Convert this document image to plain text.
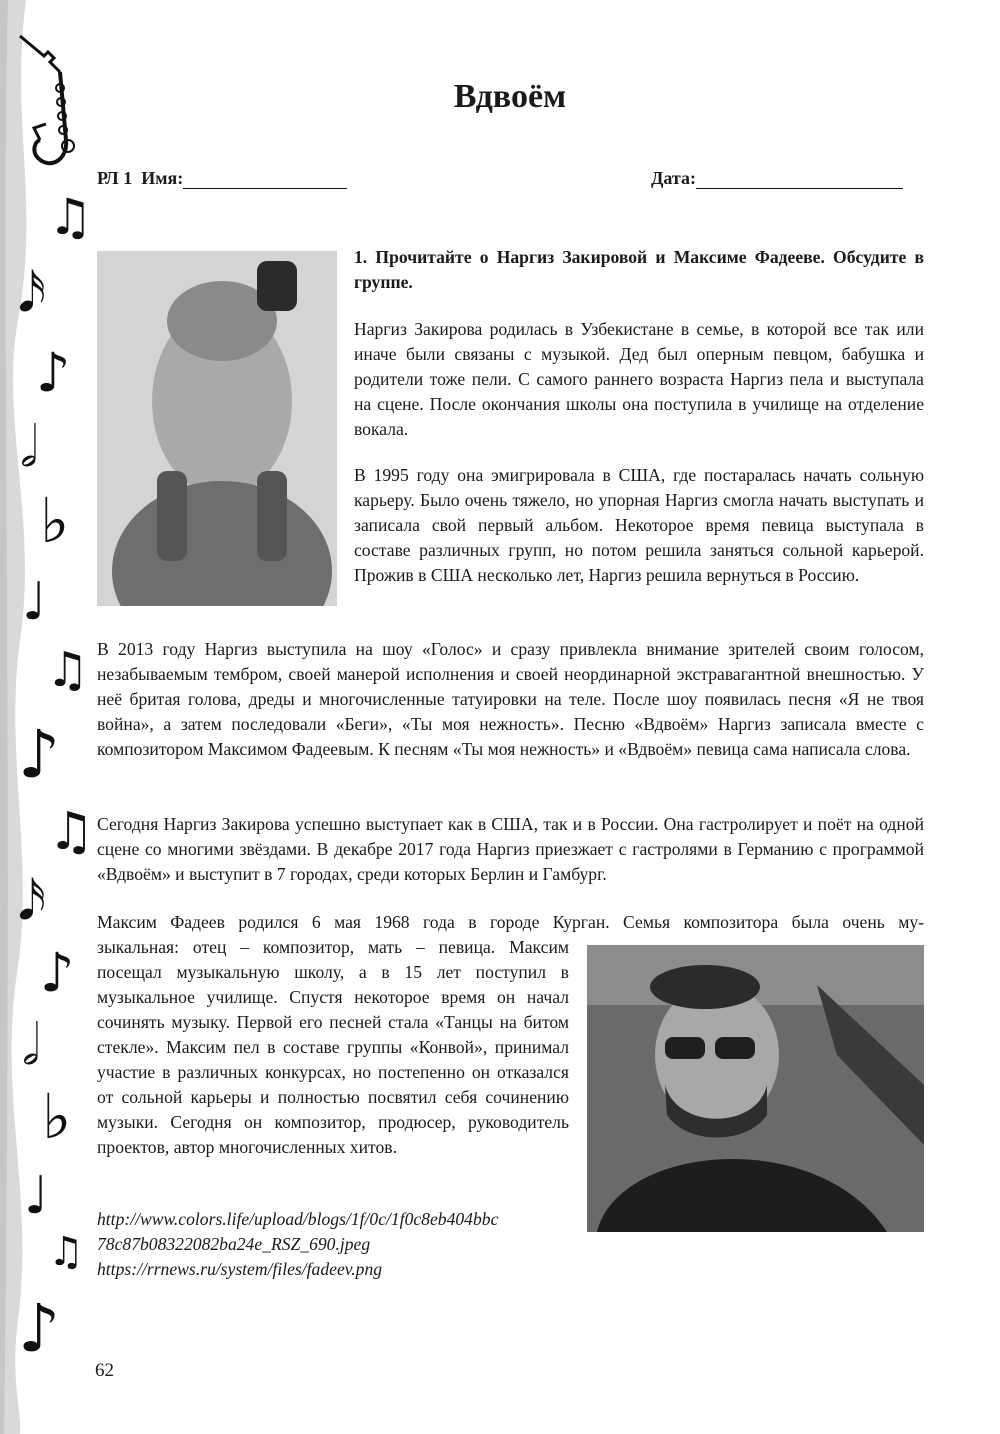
♫
𝅘𝅥𝅯
♪
𝅗𝅥
♭
♩
♫
♪
♫
𝅘𝅥𝅯
♪
𝅗𝅥
♭
♩
♫
♪
Вдвоём
РЛ 1 Имя:	Дата:

1. Прочитайте о Наргиз Закировой и Максиме Фадееве. Обсудите в группе.

Наргиз Закирова родилась в Узбекистане в семье, в которой все так или иначе были связаны с музыкой. Дед был оперным певцом, бабушка и родители тоже пели. С самого раннего возраста Наргиз пела и выступала на сцене. После окончания школы она поступила в училище на отделение вокала.

В 1995 году она эмигрировала в США, где постаралась начать сольную карьеру. Было очень тяжело, но упорная Наргиз смогла начать выступать и записала свой первый альбом. Некоторое время певица выступала в составе различных групп, но потом решила заняться сольной карьерой. Прожив в США несколько лет, Наргиз решила вернуться в Россию.

В 2013 году Наргиз выступила на шоу «Голос» и сразу привлекла внимание зрителей своим голосом, незабываемым тембром, своей манерой исполнения и своей неординарной экстравагантной внешностью. У неё бритая голова, дреды и многочисленные татуировки на теле. После шоу появилась песня «Я не твоя война», а затем последовали «Беги», «Ты моя нежность». Песню «Вдвоём» Наргиз записала вместе с композитором Максимом Фадеевым. К песням «Ты моя нежность» и «Вдвоём» певица сама написала слова.

Сегодня Наргиз Закирова успешно выступает как в США, так и в России. Она гастролирует и поёт на одной сцене со многими звёздами. В декабре 2017 года Наргиз приезжает с гастролями в Германию с программой «Вдвоём» и выступит в 7 городах, среди которых Берлин и Гамбург.

Максим Фадеев родился 6 мая 1968 года в городе Курган. Семья композитора была очень му-

зыкальная: отец – композитор, мать – певица. Максим посещал музыкальную школу, а в 15 лет поступил в музыкальное училище. Спустя некоторое время он начал сочинять музыку. Первой его песней стала «Танцы на битом стекле». Максим пел в составе группы «Конвой», принимал участие в различных конкурсах, но постепенно он отказался от сольной карьеры и полностью посвятил себя сочинению музыки. Сегодня он композитор, продюсер, руководитель проектов, автор многочисленных хитов.

http://www.colors.life/upload/blogs/1f/0c/1f0c8eb404bbc
78c87b08322082ba24e_RSZ_690.jpeg
https://rrnews.ru/system/files/fadeev.png
62
